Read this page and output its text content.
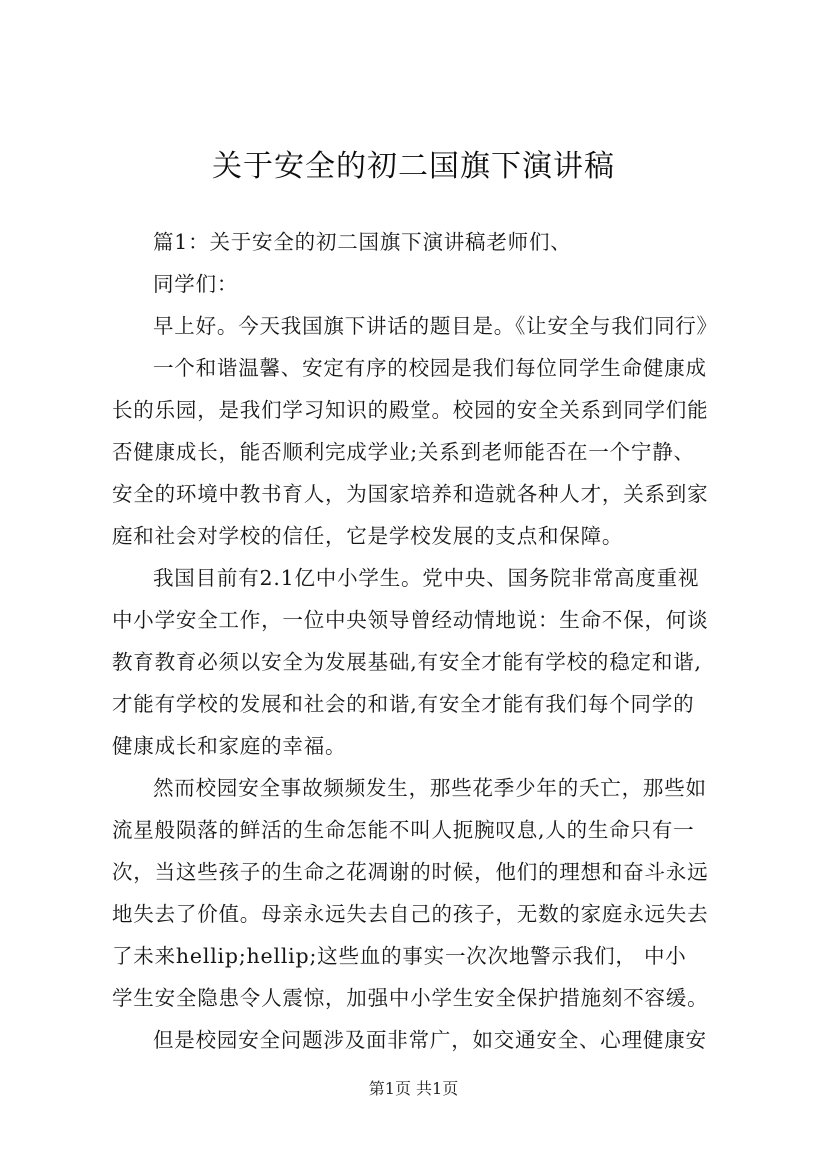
关于安全的初二国旗下演讲稿

篇1：关于安全的初二国旗下演讲稿老师们、

同学们：

早上好。今天我国旗下讲话的题目是。《让安全与我们同行》

一个和谐温馨、安定有序的校园是我们每位同学生命健康成
长的乐园，是我们学习知识的殿堂。校园的安全关系到同学们能
否健康成长，能否顺利完成学业;关系到老师能否在一个宁静、
安全的环境中教书育人，为国家培养和造就各种人才，关系到家
庭和社会对学校的信任，它是学校发展的支点和保障。

我国目前有2.1亿中小学生。党中央、国务院非常高度重视
中小学安全工作，一位中央领导曾经动情地说：生命不保，何谈
教育教育必须以安全为发展基础,有安全才能有学校的稳定和谐,
才能有学校的发展和社会的和谐,有安全才能有我们每个同学的
健康成长和家庭的幸福。

然而校园安全事故频频发生，那些花季少年的夭亡，那些如
流星般陨落的鲜活的生命怎能不叫人扼腕叹息,人的生命只有一
次，当这些孩子的生命之花凋谢的时候，他们的理想和奋斗永远
地失去了价值。母亲永远失去自己的孩子，无数的家庭永远失去
了未来hellip;hellip;这些血的事实一次次地警示我们， 中小
学生安全隐患令人震惊，加强中小学生安全保护措施刻不容缓。

但是校园安全问题涉及面非常广，如交通安全、心理健康安

第1页 共1页
